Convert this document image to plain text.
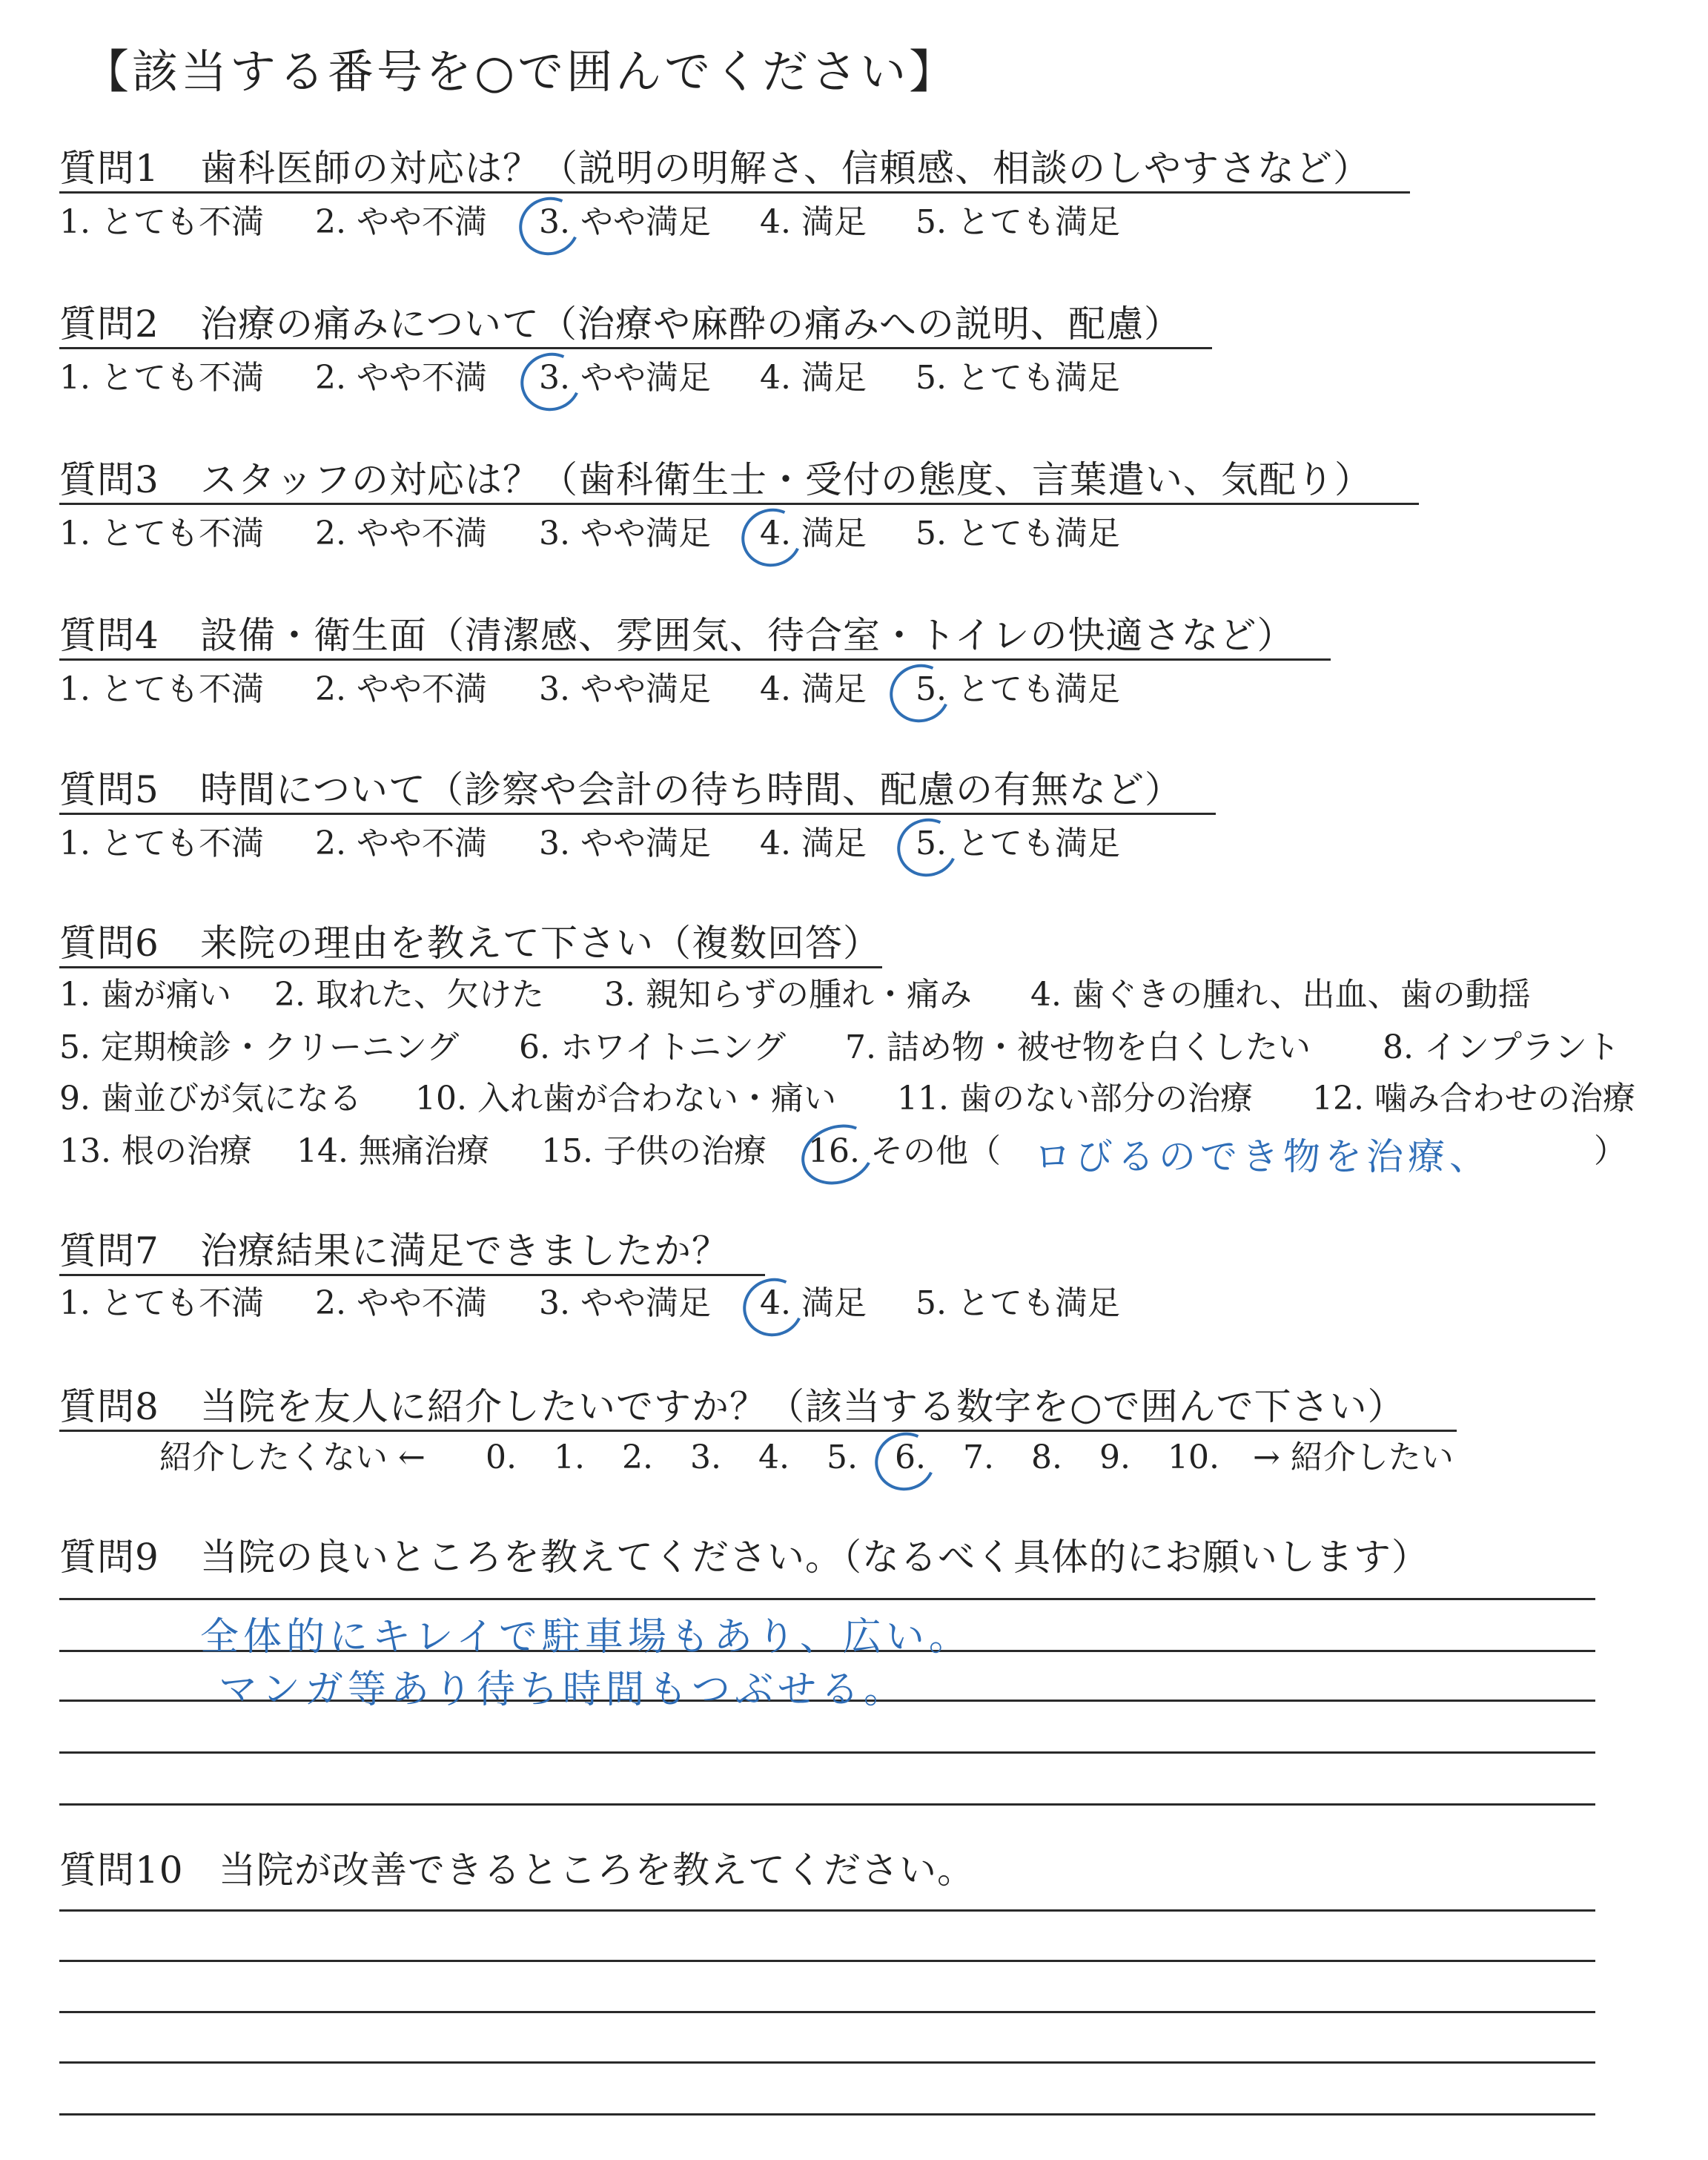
【該当する番号を○で囲んでください】
質問1 歯科医師の対応は？（説明の明解さ、信頼感、相談のしやすさなど）
1. とても不満 2. やや不満 3. やや満足 4. 満足 5. とても満足
質問2 治療の痛みについて（治療や麻酔の痛みへの説明、配慮）
1. とても不満 2. やや不満 3. やや満足 4. 満足 5. とても満足
質問3 スタッフの対応は？（歯科衛生士・受付の態度、言葉遣い、気配り）
1. とても不満 2. やや不満 3. やや満足 4. 満足 5. とても満足
質問4 設備・衛生面（清潔感、雰囲気、待合室・トイレの快適さなど）
1. とても不満 2. やや不満 3. やや満足 4. 満足 5. とても満足
質問5 時間について（診察や会計の待ち時間、配慮の有無など）
1. とても不満 2. やや不満 3. やや満足 4. 満足 5. とても満足
質問6 来院の理由を教えて下さい（複数回答）
1. 歯が痛い 2. 取れた、欠けた 3. 親知らずの腫れ・痛み 4. 歯ぐきの腫れ、出血、歯の動揺
5. 定期検診・クリーニング 6. ホワイトニング 7. 詰め物・被せ物を白くしたい 8. インプラント
9. 歯並びが気になる 10. 入れ歯が合わない・痛い 11. 歯のない部分の治療 12. 噛み合わせの治療
13. 根の治療 14. 無痛治療 15. 子供の治療 16. その他（	）
ロびるのでき物を治療、
質問7 治療結果に満足できましたか？
1. とても不満 2. やや不満 3. やや満足 4. 満足 5. とても満足
質問8 当院を友人に紹介したいですか？（該当する数字を○で囲んで下さい）
紹介したくない ← 0. 1. 2. 3. 4. 5. 6. 7. 8. 9. 10. → 紹介したい
質問9 当院の良いところを教えてください。（なるべく具体的にお願いします）
全体的にキレイで駐車場もあり、広い。
マンガ等あり待ち時間もつぶせる。
質問10 当院が改善できるところを教えてください。
